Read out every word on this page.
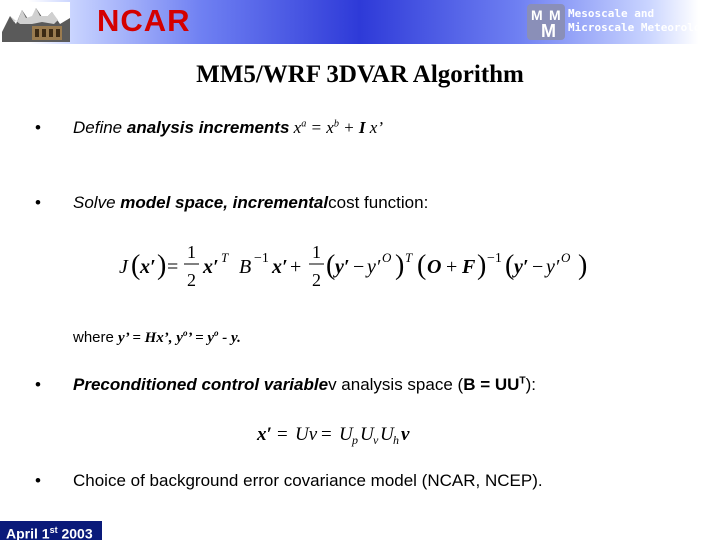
NCAR	M
M
M Mesoscale and
Microscale Meteorology
MM5/WRF 3DVAR Algorithm
• Define analysis increments $x^a = x^b + I$ x’
• Solve model space, incrementalcost function:
J ( x′ ) =
1
2
x′ T B −1 x′ +
1
2 ( y′ − y′ O ) T ( O + F ) −1 ( y′ − y′ O )
where y’ = Hx’, $y^o$’ = $y^o$ - y.
• Preconditioned control variablev analysis space $(B = UU^T)$:
x′ = Uv = U p U v U h v
• Choice of background error covariance model (NCAR, NCEP).
April 1st 2003
